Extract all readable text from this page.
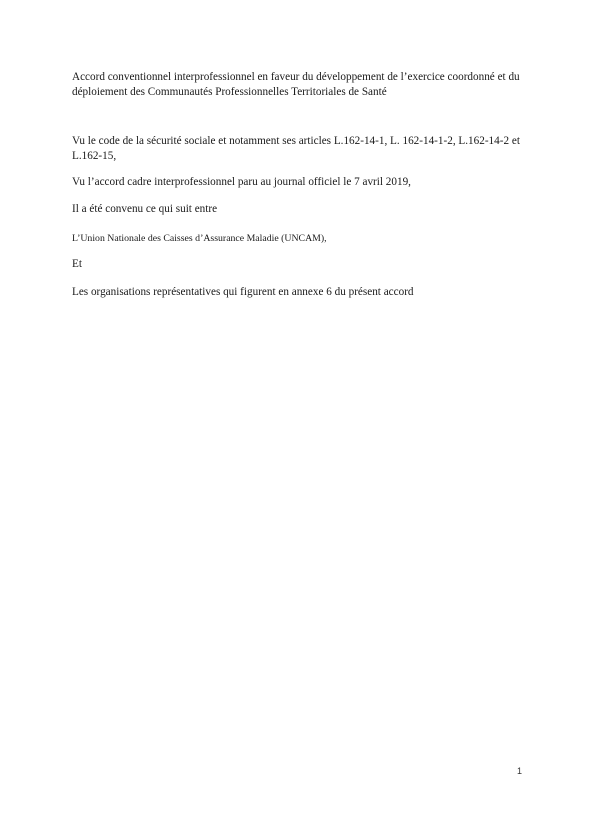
Accord conventionnel interprofessionnel en faveur du développement de l’exercice coordonné et du déploiement des Communautés Professionnelles Territoriales de Santé

Vu le code de la sécurité sociale et notamment ses articles L.162-14-1, L. 162-14-1-2, L.162-14-2 et L.162-15,

Vu l’accord cadre interprofessionnel paru au journal officiel le 7 avril 2019,

Il a été convenu ce qui suit entre

L’Union Nationale des Caisses d’Assurance Maladie (UNCAM),

Et

Les organisations représentatives qui figurent en annexe 6 du présent accord

1
